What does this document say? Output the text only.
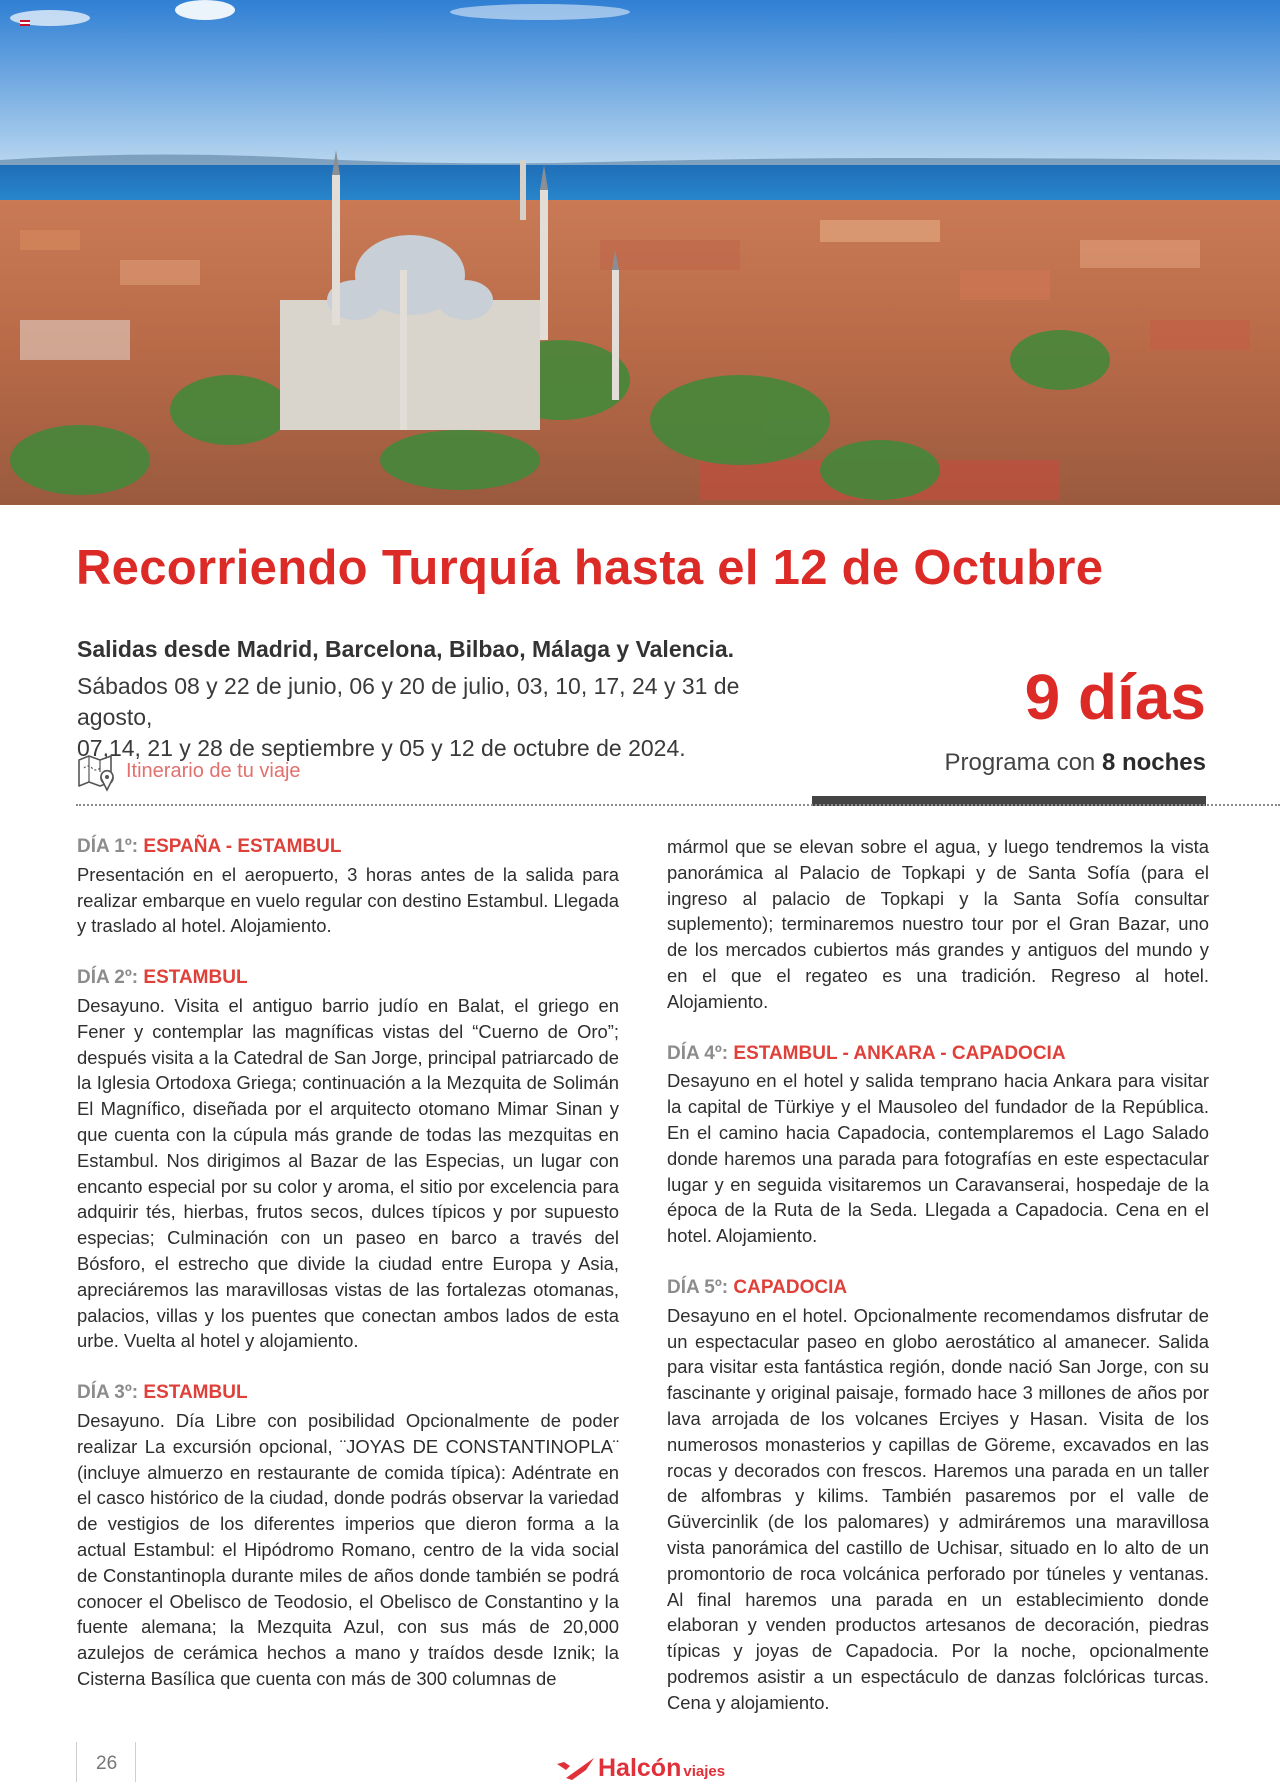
Recorriendo Turquía hasta el 12 de Octubre
Salidas desde Madrid, Barcelona, Bilbao, Málaga y Valencia.
Sábados 08 y 22 de junio, 06 y 20 de julio, 03, 10, 17, 24 y 31 de agosto,
07,14, 21 y 28 de septiembre y 05 y 12 de octubre de 2024.
9 días
Programa con 8 noches
Itinerario de tu viaje
DÍA 1º: ESPAÑA - ESTAMBUL

Presentación en el aeropuerto, 3 horas antes de la salida para realizar embarque en vuelo regular con destino Estambul. Llegada y traslado al hotel. Alojamiento.

DÍA 2º: ESTAMBUL

Desayuno. Visita el antiguo barrio judío en Balat, el griego en Fener y contemplar las magníficas vistas del “Cuerno de Oro”; después visita a la Catedral de San Jorge, principal patriarcado de la Iglesia Ortodoxa Griega; continuación a la Mezquita de Solimán El Magnífico, diseñada por el arquitecto otomano Mimar Sinan y que cuenta con la cúpula más grande de todas las mezquitas en Estambul. Nos dirigimos al Bazar de las Especias, un lugar con encanto especial por su color y aroma, el sitio por excelencia para adquirir tés, hierbas, frutos secos, dulces típicos y por supuesto especias; Culminación con un paseo en barco a través del Bósforo, el estrecho que divide la ciudad entre Europa y Asia, apreciáremos las maravillosas vistas de las fortalezas otomanas, palacios, villas y los puentes que conectan ambos lados de esta urbe. Vuelta al hotel y alojamiento.

DÍA 3º: ESTAMBUL

Desayuno. Día Libre con posibilidad Opcionalmente de poder realizar La excursión opcional, ¨JOYAS DE CONSTANTINOPLA¨ (incluye almuerzo en restaurante de comida típica): Adéntrate en el casco histórico de la ciudad, donde podrás observar la variedad de vestigios de los diferentes imperios que dieron forma a la actual Estambul: el Hipódromo Romano, centro de la vida social de Constantinopla durante miles de años donde también se podrá conocer el Obelisco de Teodosio, el Obelisco de Constantino y la fuente alemana; la Mezquita Azul, con sus más de 20,000 azulejos de cerámica hechos a mano y traídos desde Iznik; la Cisterna Basílica que cuenta con más de 300 columnas de

mármol que se elevan sobre el agua, y luego tendremos la vista panorámica al Palacio de Topkapi y de Santa Sofía (para el ingreso al palacio de Topkapi y la Santa Sofía consultar suplemento); terminaremos nuestro tour por el Gran Bazar, uno de los mercados cubiertos más grandes y antiguos del mundo y en el que el regateo es una tradición. Regreso al hotel. Alojamiento.

DÍA 4º: ESTAMBUL - ANKARA - CAPADOCIA

Desayuno en el hotel y salida temprano hacia Ankara para visitar la capital de Türkiye y el Mausoleo del fundador de la República. En el camino hacia Capadocia, contemplaremos el Lago Salado donde haremos una parada para fotografías en este espectacular lugar y en seguida visitaremos un Caravanserai, hospedaje de la época de la Ruta de la Seda. Llegada a Capadocia. Cena en el hotel. Alojamiento.

DÍA 5º: CAPADOCIA

Desayuno en el hotel. Opcionalmente recomendamos disfrutar de un espectacular paseo en globo aerostático al amanecer. Salida para visitar esta fantástica región, donde nació San Jorge, con su fascinante y original paisaje, formado hace 3 millones de años por lava arrojada de los volcanes Erciyes y Hasan. Visita de los numerosos monasterios y capillas de Göreme, excavados en las rocas y decorados con frescos. Haremos una parada en un taller de alfombras y kilims. También pasaremos por el valle de Güvercinlik (de los palomares) y admiráremos una maravillosa vista panorámica del castillo de Uchisar, situado en lo alto de un promontorio de roca volcánica perforado por túneles y ventanas. Al final haremos una parada en un establecimiento donde elaboran y venden productos artesanos de decoración, piedras típicas y joyas de Capadocia. Por la noche, opcionalmente podremos asistir a un espectáculo de danzas folclóricas turcas. Cena y alojamiento.

26	Halcón viajes
